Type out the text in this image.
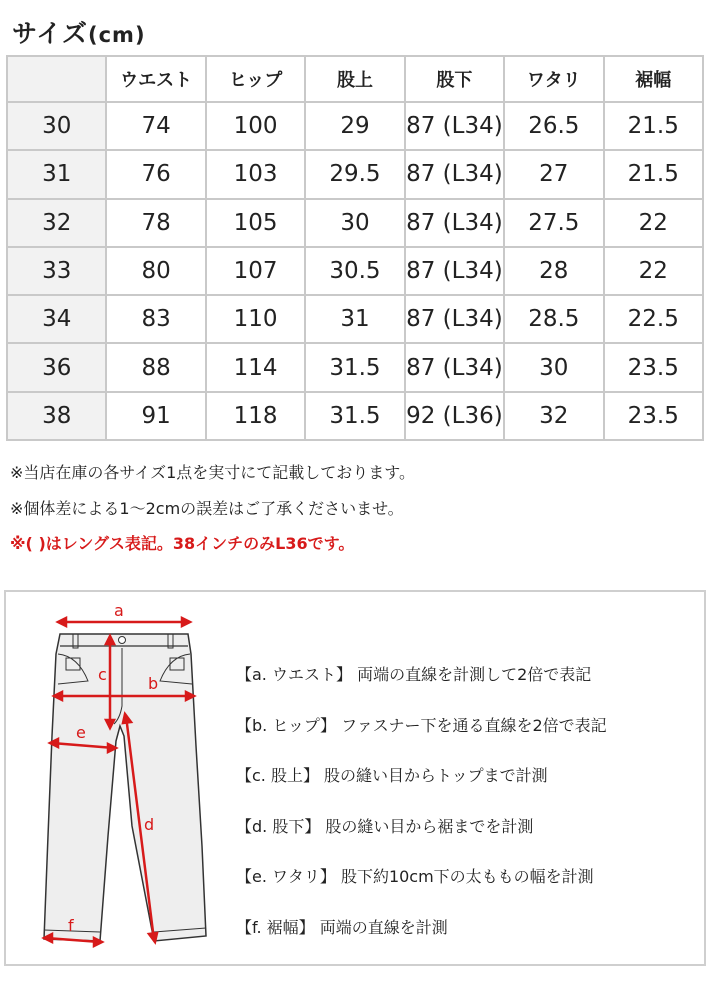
サイズ(cm)
	ウエスト	ヒップ	股上	股下	ワタリ	裾幅
30	74	100	29	87 (L34)	26.5	21.5
31	76	103	29.5	87 (L34)	27	21.5
32	78	105	30	87 (L34)	27.5	22
33	80	107	30.5	87 (L34)	28	22
34	83	110	31	87 (L34)	28.5	22.5
36	88	114	31.5	87 (L34)	30	23.5
38	91	118	31.5	92 (L36)	32	23.5
※当店在庫の各サイズ1点を実寸にて記載しております。
※個体差による1〜2cmの誤差はご了承くださいませ。
※( )はレングス表記。38インチのみL36です。
a
c	b
e
d
f
【a. ウエスト】 両端の直線を計測して2倍で表記
【b. ヒップ】 ファスナー下を通る直線を2倍で表記
【c. 股上】 股の縫い目からトップまで計測
【d. 股下】 股の縫い目から裾までを計測
【e. ワタリ】 股下約10cm下の太ももの幅を計測
【f. 裾幅】 両端の直線を計測
